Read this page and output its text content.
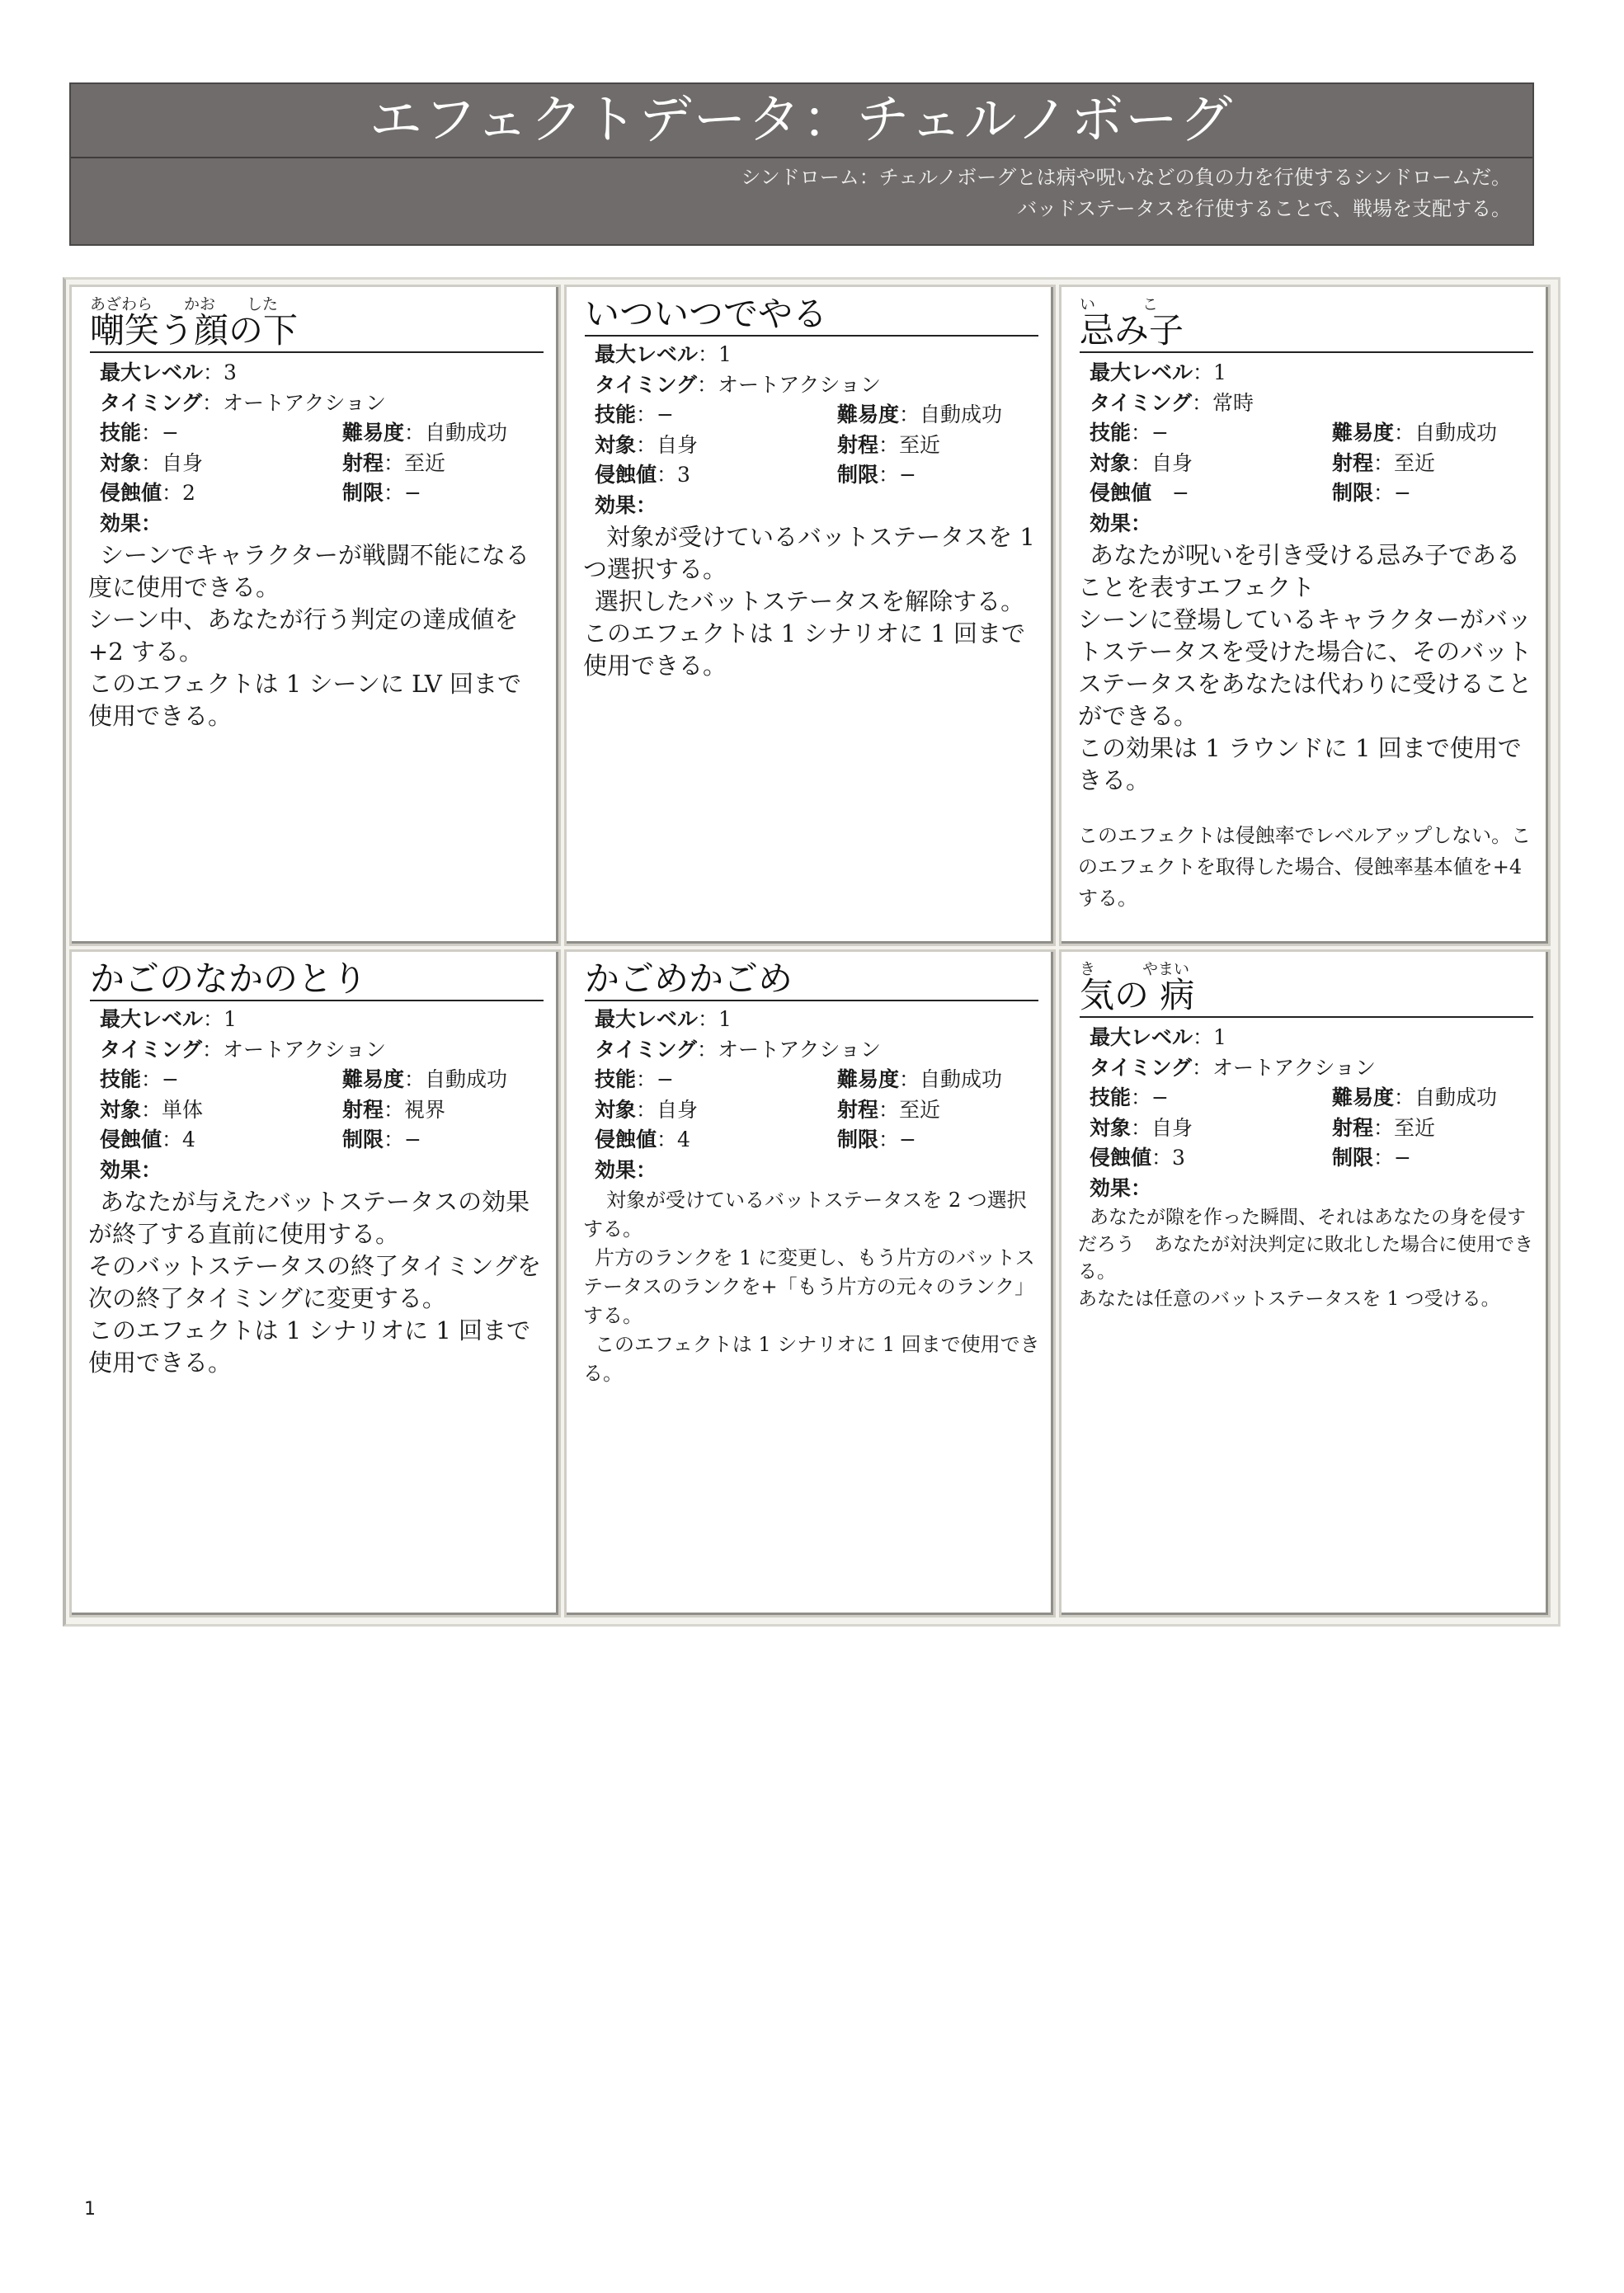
エフェクトデータ：チェルノボーグ
シンドローム：チェルノボーグとは病や呪いなどの負の力を行使するシンドロームだ。
バッドステータスを行使することで、戦場を支配する。
あざわら　　かお　　した
嘲笑う顔の下
最大レベル：3
タイミング：オートアクション
技能：−	難易度：自動成功
対象：自身	射程：至近
侵蝕値：2	制限：−
効果：

シーンでキャラクターが戦闘不能になる度に使用できる。

シーン中、あなたが行う判定の達成値を+2 する。

このエフェクトは 1 シーンに LV 回まで使用できる。

いついつでやる
最大レベル：1
タイミング：オートアクション
技能：−	難易度：自動成功
対象：自身	射程：至近
侵蝕値：3	制限：−
効果：

対象が受けているバットステータスを 1 つ選択する。

選択したバットステータスを解除する。

このエフェクトは 1 シナリオに 1 回まで使用できる。

い　　　こ
忌み子
最大レベル：1
タイミング：常時
技能：−	難易度：自動成功
対象：自身	射程：至近
侵蝕値　 −	制限：−
効果：

あなたが呪いを引き受ける忌み子であることを表すエフェクト

シーンに登場しているキャラクターがバットステータスを受けた場合に、そのバットステータスをあなたは代わりに受けることができる。

この効果は 1 ラウンドに 1 回まで使用できる。

このエフェクトは侵蝕率でレベルアップしない。このエフェクトを取得した場合、侵蝕率基本値を+4 する。

かごのなかのとり
最大レベル：1
タイミング：オートアクション
技能：−	難易度：自動成功
対象：単体	射程：視界
侵蝕値：4	制限：−
効果：

あなたが与えたバットステータスの効果が終了する直前に使用する。

そのバットステータスの終了タイミングを次の終了タイミングに変更する。

このエフェクトは 1 シナリオに 1 回まで使用できる。

かごめかごめ
最大レベル：1
タイミング：オートアクション
技能：−	難易度：自動成功
対象：自身	射程：至近
侵蝕値：4	制限：−
効果：

対象が受けているバットステータスを 2 つ選択する。

片方のランクを 1 に変更し、もう片方のバットステータスのランクを+「もう片方の元々のランク」する。

このエフェクトは 1 シナリオに 1 回まで使用できる。

き　　　やまい
気の 病
最大レベル：1
タイミング：オートアクション
技能：−	難易度：自動成功
対象：自身	射程：至近
侵蝕値：3	制限：−
効果：

あなたが隙を作った瞬間、それはあなたの身を侵すだろう　あなたが対決判定に敗北した場合に使用できる。

あなたは任意のバットステータスを 1 つ受ける。

1
